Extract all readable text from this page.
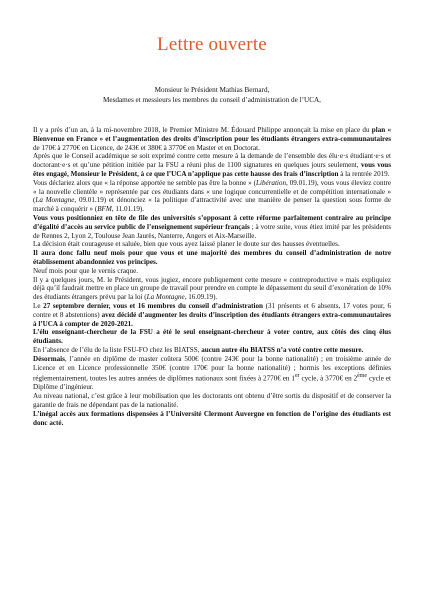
Lettre ouverte
Monsieur le Président Mathias Bernard,
Mesdames et messieurs les membres du conseil d’administration de l’UCA,

Il y a près d’un an, à la mi-novembre 2018, le Premier Ministre M. Édouard Philippe annonçait la mise en place du plan « Bienvenue en France » et l’augmentation des droits d’inscription pour les étudiants étrangers extra-communautaires de 170€ à 2770€ en Licence, de 243€ et 380€ à 3770€ en Master et en Doctorat.

Après que le Conseil académique se soit exprimé contre cette mesure à la demande de l’ensemble des élu·e·s étudiant·e·s et doctorant·e·s et qu’une pétition initiée par la FSU a réuni plus de 1100 signatures en quelques jours seulement, vous vous êtes engagé, Monsieur le Président, à ce que l’UCA n’applique pas cette hausse des frais d’inscription à la rentrée 2019.

Vous déclariez alors que « la réponse apportée ne semble pas être la bonne » (Libération, 09.01.19), vous vous éleviez contre « la nouvelle clientèle » représentée par ces étudiants dans « une logique concurrentielle et de compétition internationale » (La Montagne, 09.01.19) et dénonciez « la politique d’attractivité avec une manière de penser la question sous forme de marché à conquérir » (BFM, 11.01.19).

Vous vous positionniez en tête de file des universités s’opposant à cette réforme parfaitement contraire au principe d’égalité d’accès au service public de l’enseignement supérieur français ; à votre suite, vous étiez imité par les présidents de Rennes 2, Lyon 2, Toulouse Jean Jaurès, Nanterre, Angers et Aix-Marseille.

La décision était courageuse et saluée, bien que vous ayez laissé planer le doute sur des hausses éventuelles.

Il aura donc fallu neuf mois pour que vous et une majorité des membres du conseil d’administration de notre établissement abandonniez vos principes.

Neuf mois pour que le vernis craque.

Il y a quelques jours, M. le Président, vous jugiez, encore publiquement cette mesure « contreproductive » mais expliquiez déjà qu’il faudrait mettre en place un groupe de travail pour prendre en compte le dépassement du seuil d’exonération de 10% des étudiants étrangers prévu par la loi (La Montagne, 16.09.19).

Le 27 septembre dernier, vous et 16 membres du conseil d’administration (31 présents et 6 absents, 17 votes pour, 6 contre et 8 abstentions) avez décidé d’augmenter les droits d’inscription des étudiants étrangers extra-communautaires à l’UCA à compter de 2020-2021.

L’élu enseignant-chercheur de la FSU a été le seul enseignant-chercheur à voter contre, aux côtés des cinq élus étudiants.

En l’absence de l’élu de la liste FSU-FO chez les BIATSS, aucun autre élu BIATSS n’a voté contre cette mesure.

Désormais, l’année en diplôme de master coûtera 500€ (contre 243€ pour la bonne nationalité) ; en troisième année de Licence et en Licence professionnelle 350€ (contre 170€ pour la bonne nationalité) ; hormis les exceptions définies réglementairement, toutes les autres années de diplômes nationaux sont fixées à 2770€ en 1er cycle, à 3770€ en 2ème cycle et Diplôme d’ingénieur.

Au niveau national, c’est grâce à leur mobilisation que les doctorants ont obtenu d’être sortis du dispositif et de conserver la garantie de frais ne dépendant pas de la nationalité.

L’inégal accès aux formations dispensées à l’Université Clermont Auvergne en fonction de l’origine des étudiants est donc acté.
